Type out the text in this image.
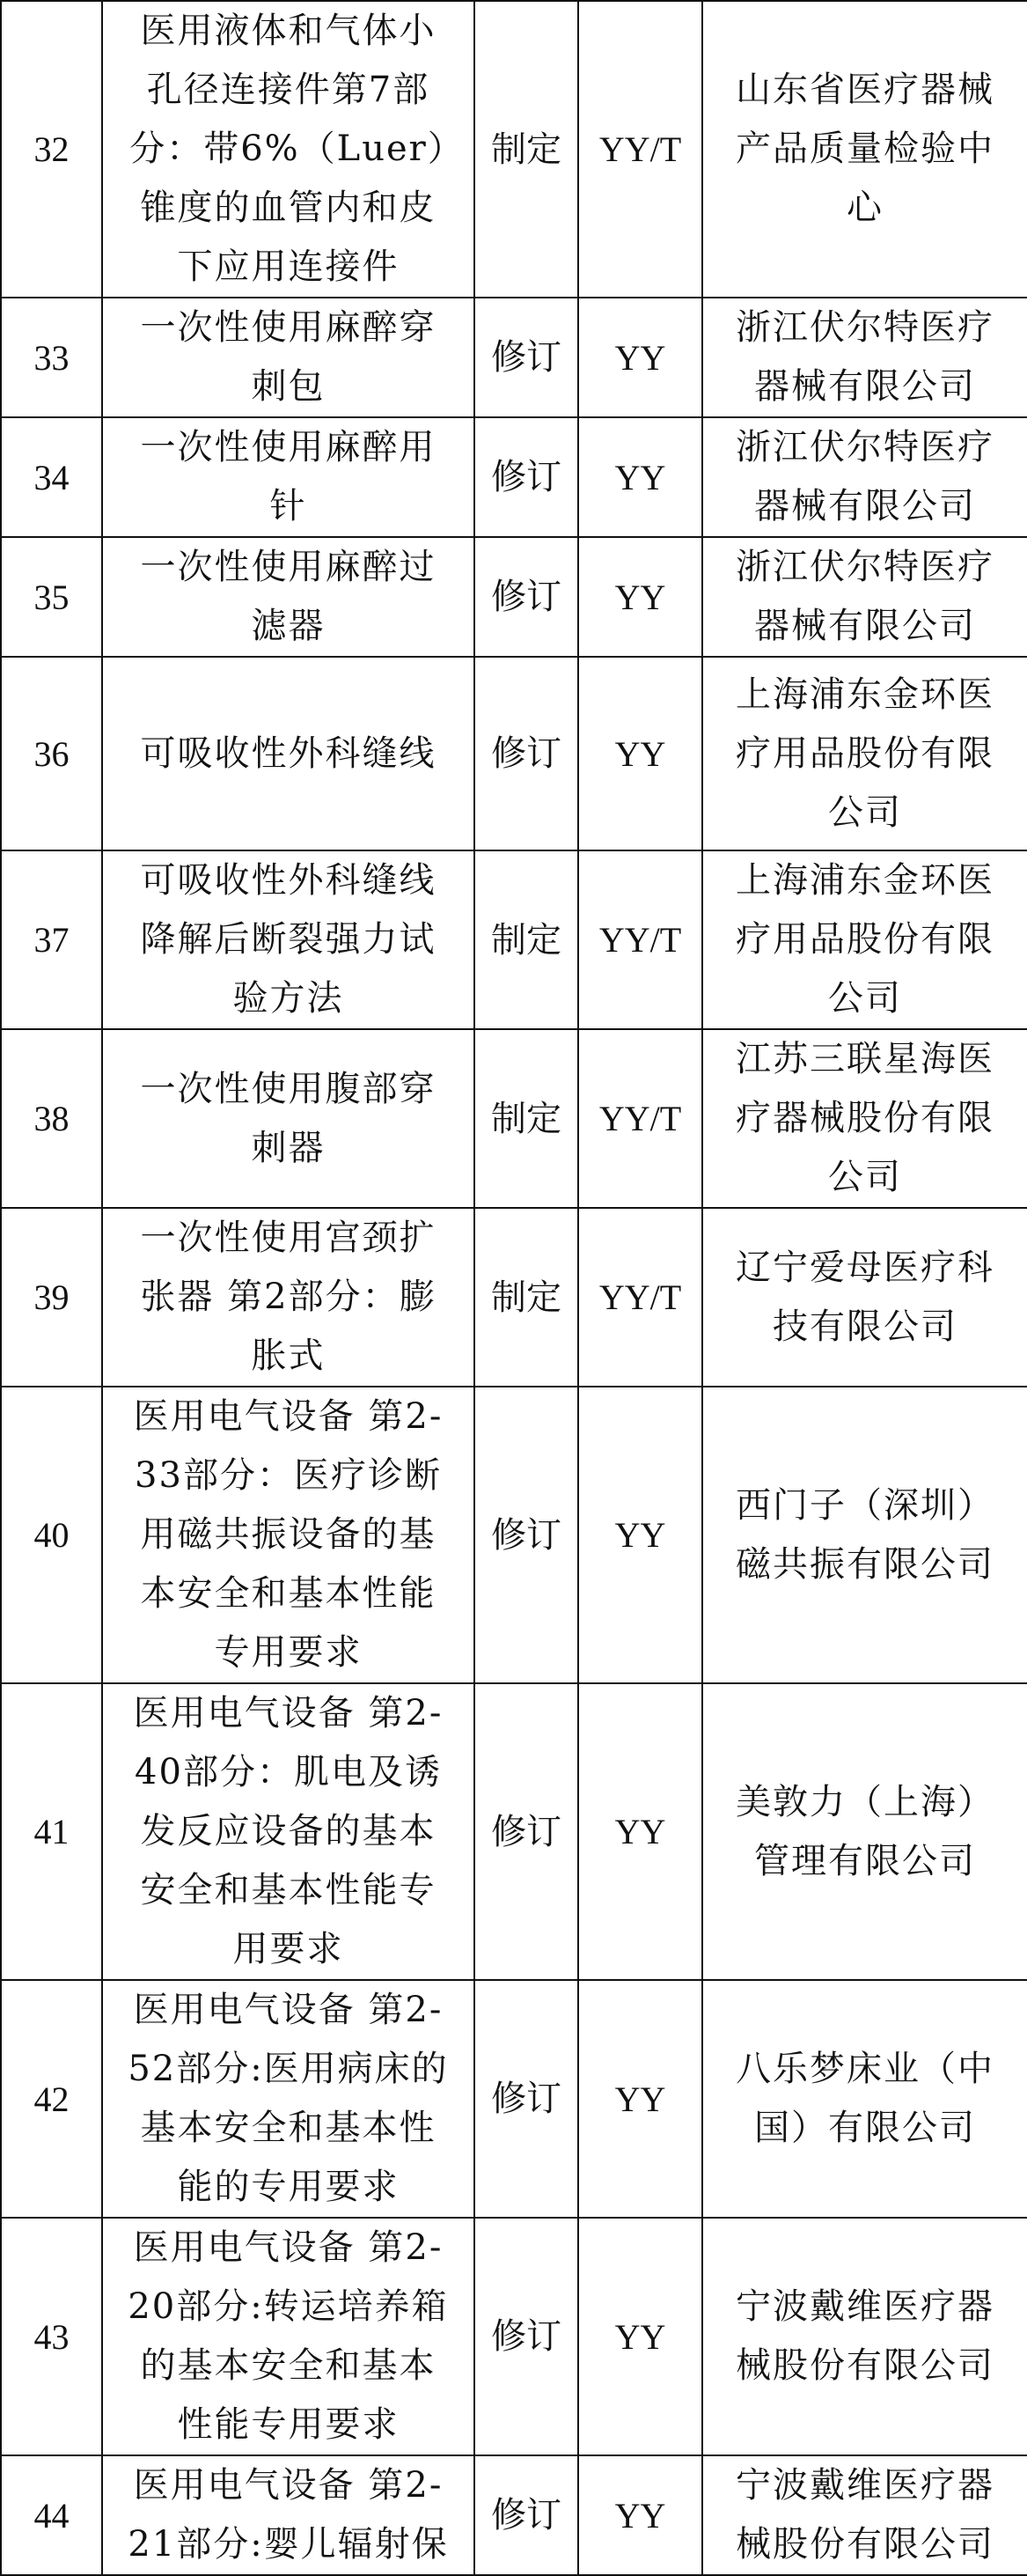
32	医用液体和气体小孔径连接件第7部分：带6%（Luer）锥度的血管内和皮下应用连接件	制定	YY/T	山东省医疗器械产品质量检验中心
33	一次性使用麻醉穿刺包	修订	YY	浙江伏尔特医疗器械有限公司
34	一次性使用麻醉用针	修订	YY	浙江伏尔特医疗器械有限公司
35	一次性使用麻醉过滤器	修订	YY	浙江伏尔特医疗器械有限公司
36	可吸收性外科缝线	修订	YY	上海浦东金环医疗用品股份有限公司
37	可吸收性外科缝线降解后断裂强力试验方法	制定	YY/T	上海浦东金环医疗用品股份有限公司
38	一次性使用腹部穿刺器	制定	YY/T	江苏三联星海医疗器械股份有限公司
39	一次性使用宫颈扩张器 第2部分：膨胀式	制定	YY/T	辽宁爱母医疗科技有限公司
40	医用电气设备 第2-33部分：医疗诊断用磁共振设备的基本安全和基本性能专用要求	修订	YY	西门子（深圳）磁共振有限公司
41	医用电气设备 第2-40部分：肌电及诱发反应设备的基本安全和基本性能专用要求	修订	YY	美敦力（上海）管理有限公司
42	医用电气设备 第2-52部分:医用病床的基本安全和基本性能的专用要求	修订	YY	八乐梦床业（中国）有限公司
43	医用电气设备 第2-20部分:转运培养箱的基本安全和基本性能专用要求	修订	YY	宁波戴维医疗器械股份有限公司
44	医用电气设备 第2-21部分:婴儿辐射保	修订	YY	宁波戴维医疗器械股份有限公司
